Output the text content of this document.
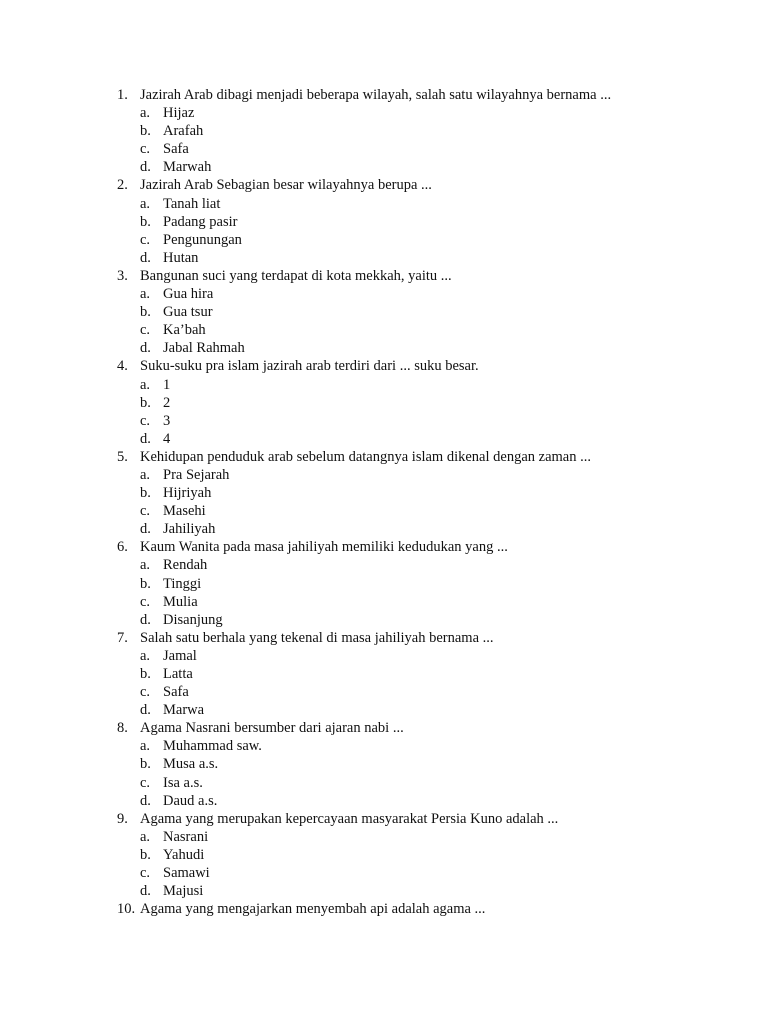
1. Jazirah Arab dibagi menjadi beberapa wilayah, salah satu wilayahnya bernama ...
a. Hijaz
b. Arafah
c. Safa
d. Marwah
2. Jazirah Arab Sebagian besar wilayahnya berupa ...
a. Tanah liat
b. Padang pasir
c. Pengunungan
d. Hutan
3. Bangunan suci yang terdapat di kota mekkah, yaitu ...
a. Gua hira
b. Gua tsur
c. Ka’bah
d. Jabal Rahmah
4. Suku-suku pra islam jazirah arab terdiri dari ... suku besar.
a. 1
b. 2
c. 3
d. 4
5. Kehidupan penduduk arab sebelum datangnya islam dikenal dengan zaman ...
a. Pra Sejarah
b. Hijriyah
c. Masehi
d. Jahiliyah
6. Kaum Wanita pada masa jahiliyah memiliki kedudukan yang ...
a. Rendah
b. Tinggi
c. Mulia
d. Disanjung
7. Salah satu berhala yang tekenal di masa jahiliyah bernama ...
a. Jamal
b. Latta
c. Safa
d. Marwa
8. Agama Nasrani bersumber dari ajaran nabi ...
a. Muhammad saw.
b. Musa a.s.
c. Isa a.s.
d. Daud a.s.
9. Agama yang merupakan kepercayaan masyarakat Persia Kuno adalah ...
a. Nasrani
b. Yahudi
c. Samawi
d. Majusi
10. Agama yang mengajarkan menyembah api adalah agama ...
